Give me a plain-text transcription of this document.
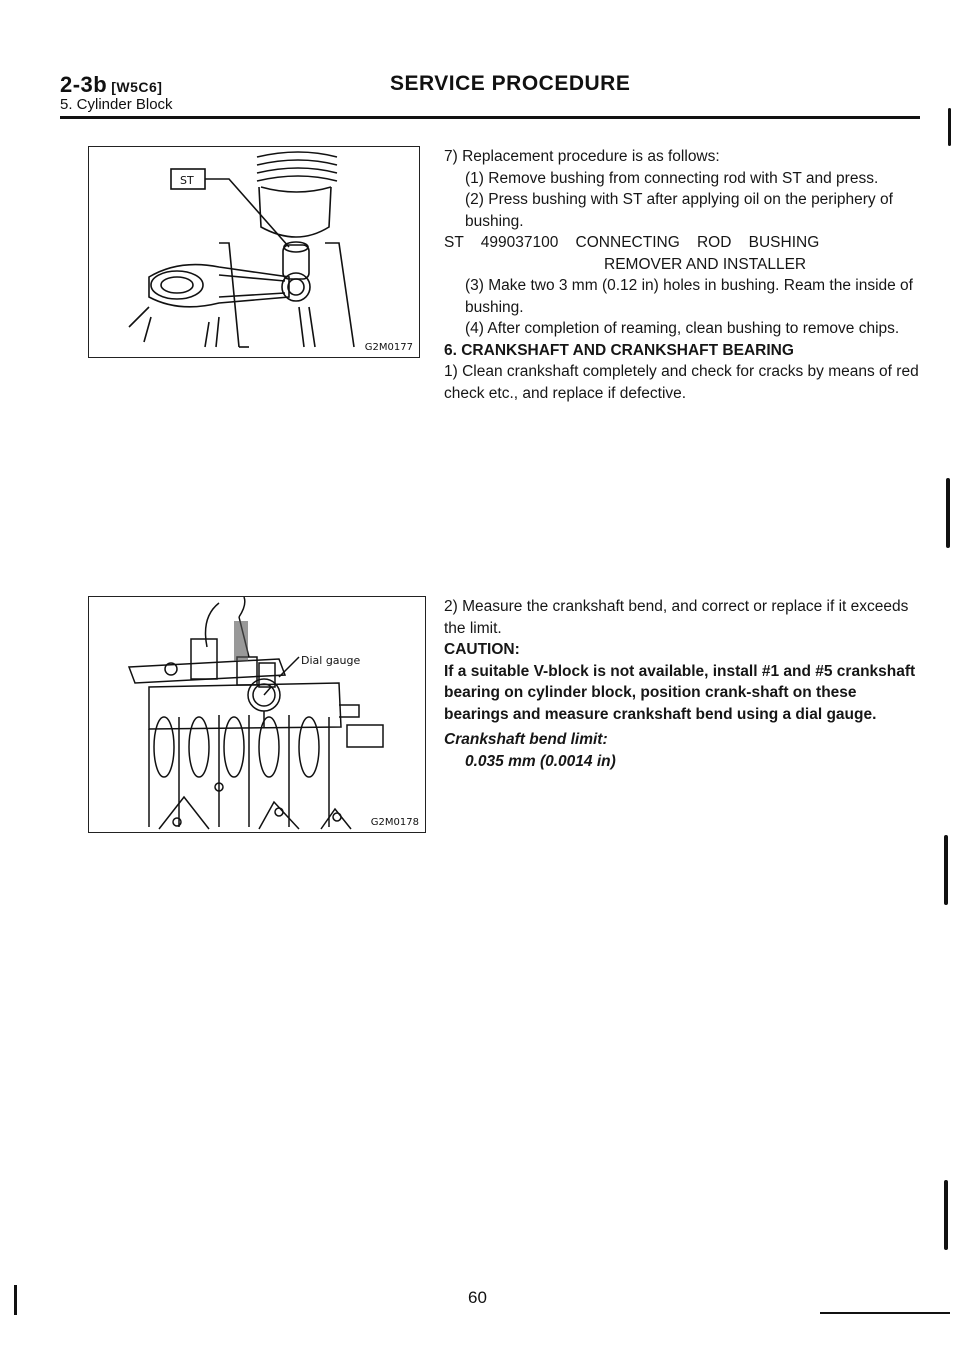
2-3b [W5C6]
5. Cylinder Block
SERVICE PROCEDURE
ST
G2M0177
Dial gauge
G2M0178

7) Replacement procedure is as follows:

(1) Remove bushing from connecting rod with ST and press.

(2) Press bushing with ST after applying oil on the periphery of bushing.

ST    499037100    CONNECTING    ROD    BUSHING

REMOVER AND INSTALLER

(3) Make two 3 mm (0.12 in) holes in bushing. Ream the inside of bushing.

(4) After completion of reaming, clean bushing to remove chips.

6. CRANKSHAFT AND CRANKSHAFT BEARING

1) Clean crankshaft completely and check for cracks by means of red check etc., and replace if defective.

2) Measure the crankshaft bend, and correct or replace if it exceeds the limit.

CAUTION:

If a suitable V-block is not available, install #1 and #5 crankshaft bearing on cylinder block, position crank-shaft on these bearings and measure crankshaft bend using a dial gauge.

Crankshaft bend limit:

0.035 mm (0.0014 in)

60
